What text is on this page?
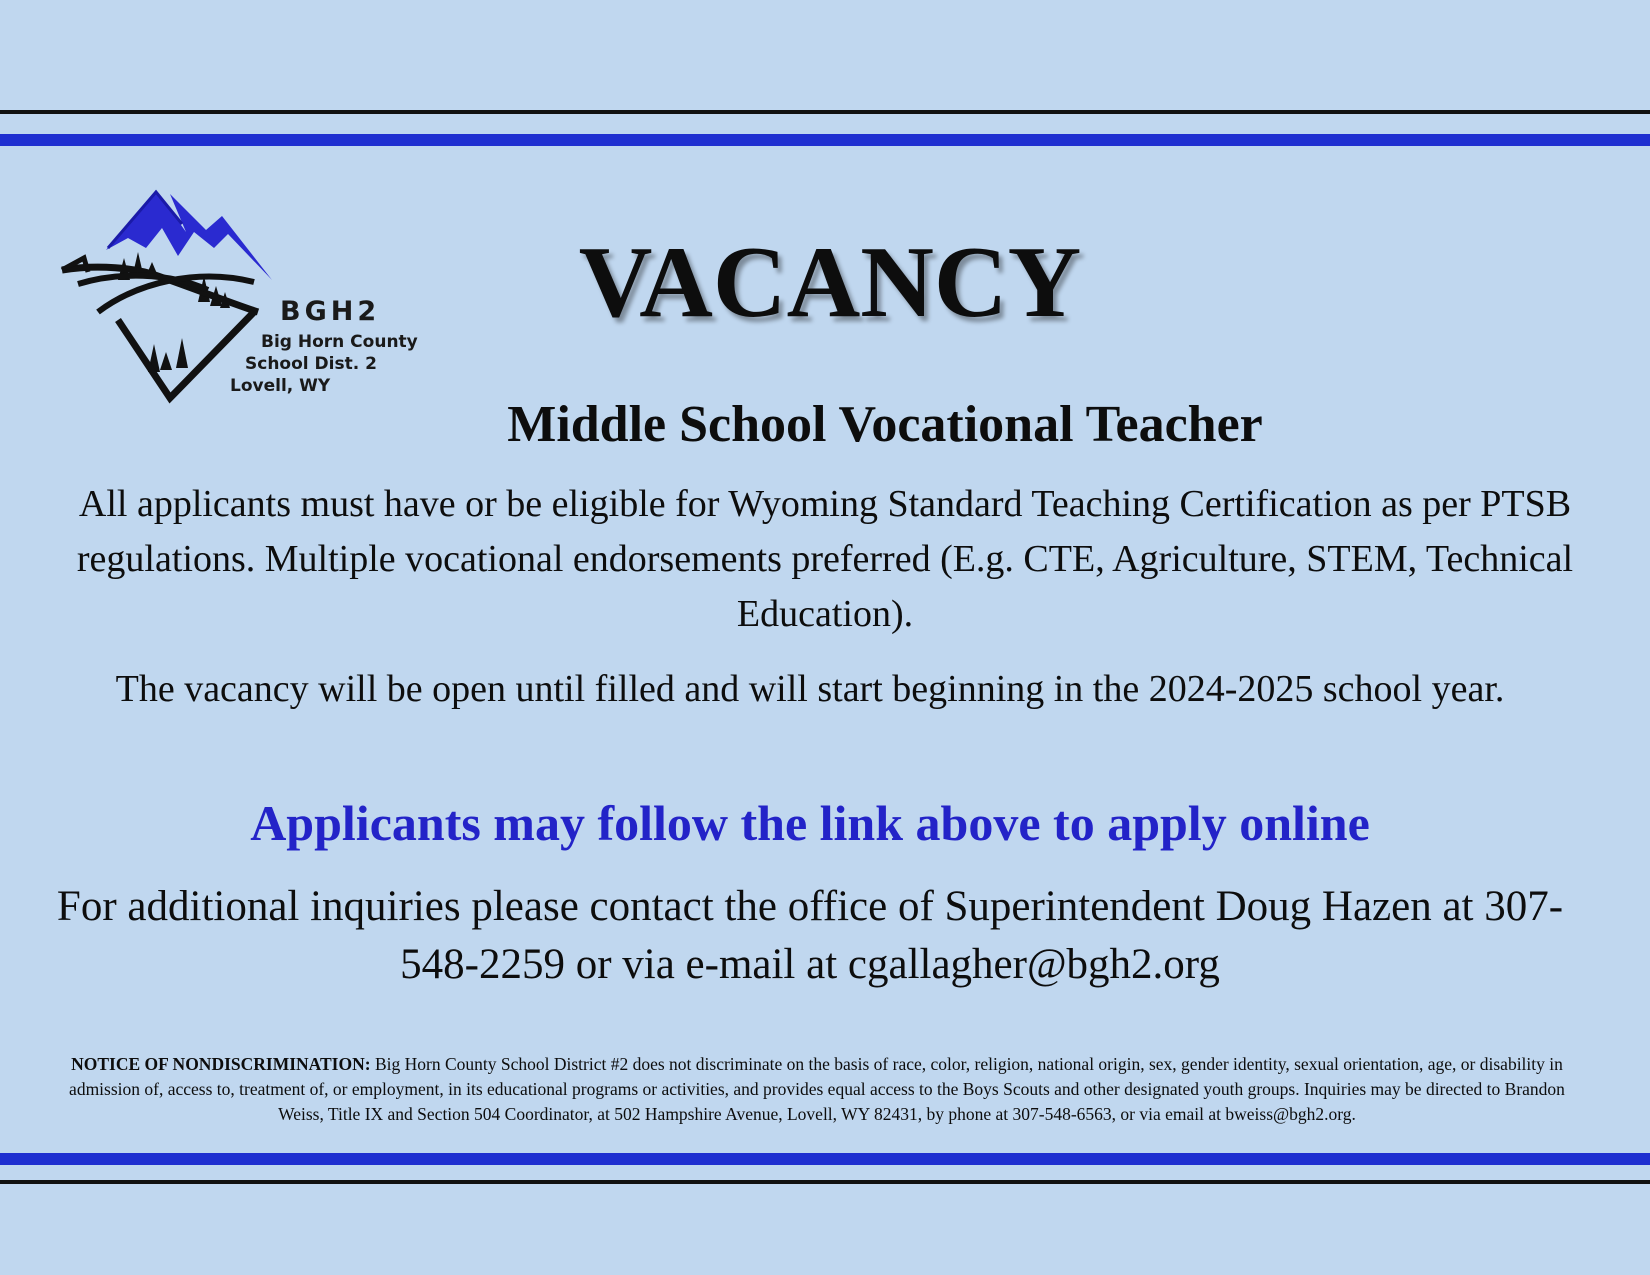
BGH2
Big Horn County
School Dist. 2
Lovell, WY
VACANCY
Middle School Vocational Teacher

All applicants must have or be eligible for Wyoming Standard Teaching Certification as per PTSB regulations. Multiple vocational endorsements preferred (E.g. CTE, Agriculture, STEM, Technical Education).

The vacancy will be open until filled and will start beginning in the 2024-2025 school year.

Applicants may follow the link above to apply online

For additional inquiries please contact the office of Superintendent Doug Hazen at 307-548-2259 or via e-mail at cgallagher@bgh2.org

NOTICE OF NONDISCRIMINATION: Big Horn County School District #2 does not discriminate on the basis of race, color, religion, national origin, sex, gender identity, sexual orientation, age, or disability in admission of, access to, treatment of, or employment, in its educational programs or activities, and provides equal access to the Boys Scouts and other designated youth groups. Inquiries may be directed to Brandon Weiss, Title IX and Section 504 Coordinator, at 502 Hampshire Avenue, Lovell, WY 82431, by phone at 307-548-6563, or via email at bweiss@bgh2.org.
